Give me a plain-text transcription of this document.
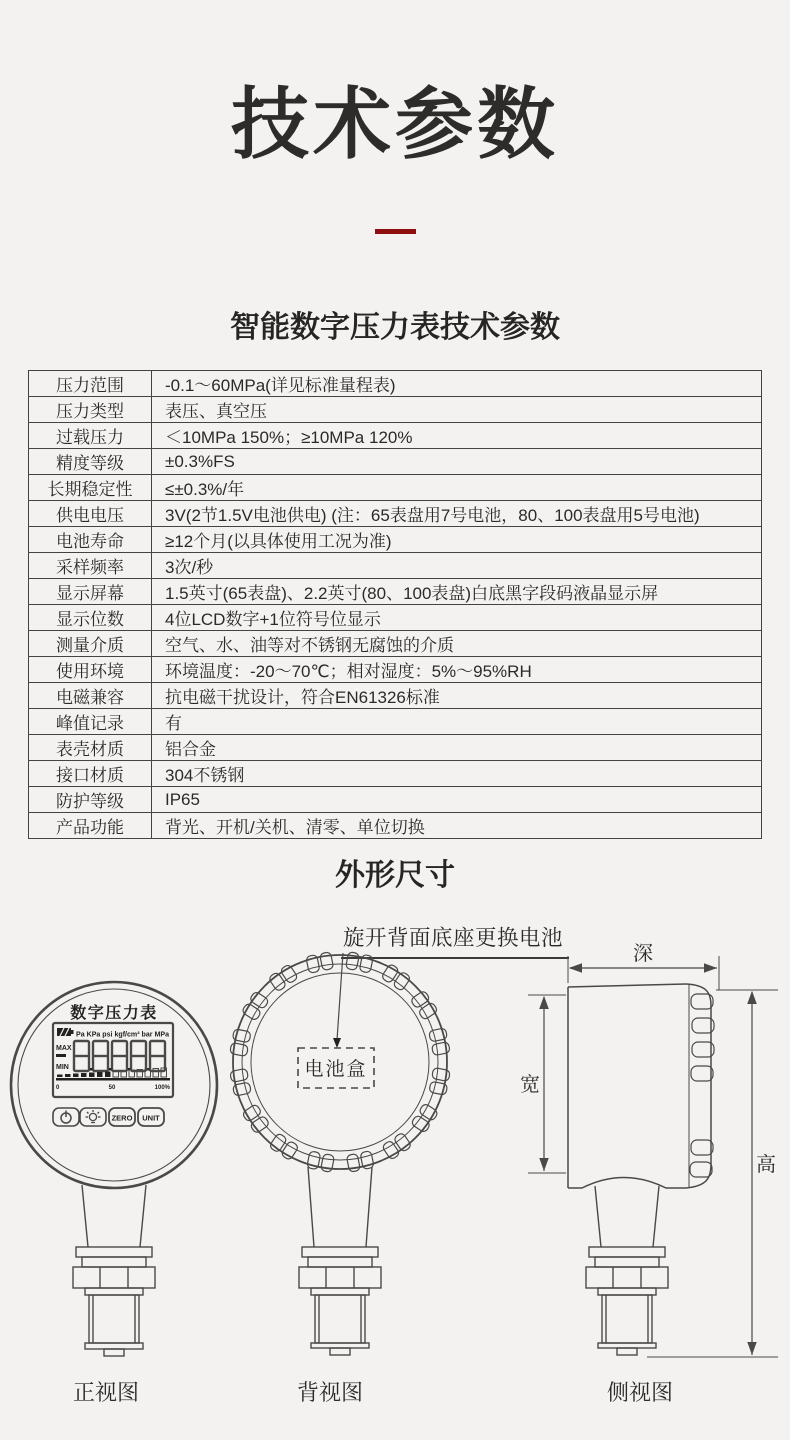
技术参数
智能数字压力表技术参数
压力范围	-0.1～60MPa(详见标准量程表)
压力类型	表压、真空压
过载压力	＜10MPa 150%；≥10MPa 120%
精度等级	±0.3%FS
长期稳定性	≤±0.3%/年
供电电压	3V(2节1.5V电池供电) (注：65表盘用7号电池，80、100表盘用5号电池)
电池寿命	≥12个月(以具体使用工况为准)
采样频率	3次/秒
显示屏幕	1.5英寸(65表盘)、2.2英寸(80、100表盘)白底黑字段码液晶显示屏
显示位数	4位LCD数字+1位符号位显示
测量介质	空气、水、油等对不锈钢无腐蚀的介质
使用环境	环境温度：-20～70℃；相对湿度：5%～95%RH
电磁兼容	抗电磁干扰设计，符合EN61326标准
峰值记录	有
表壳材质	铝合金
接口材质	304不锈钢
防护等级	IP65
产品功能	背光、开机/关机、清零、单位切换
外形尺寸
旋开背面底座更换电池
数字压力表
Pa KPa psi kgf/cm² bar MPa
MAX
MIN
0	50	100%
ZERO UNIT
电池盒
深
宽
高
正视图	背视图	侧视图
